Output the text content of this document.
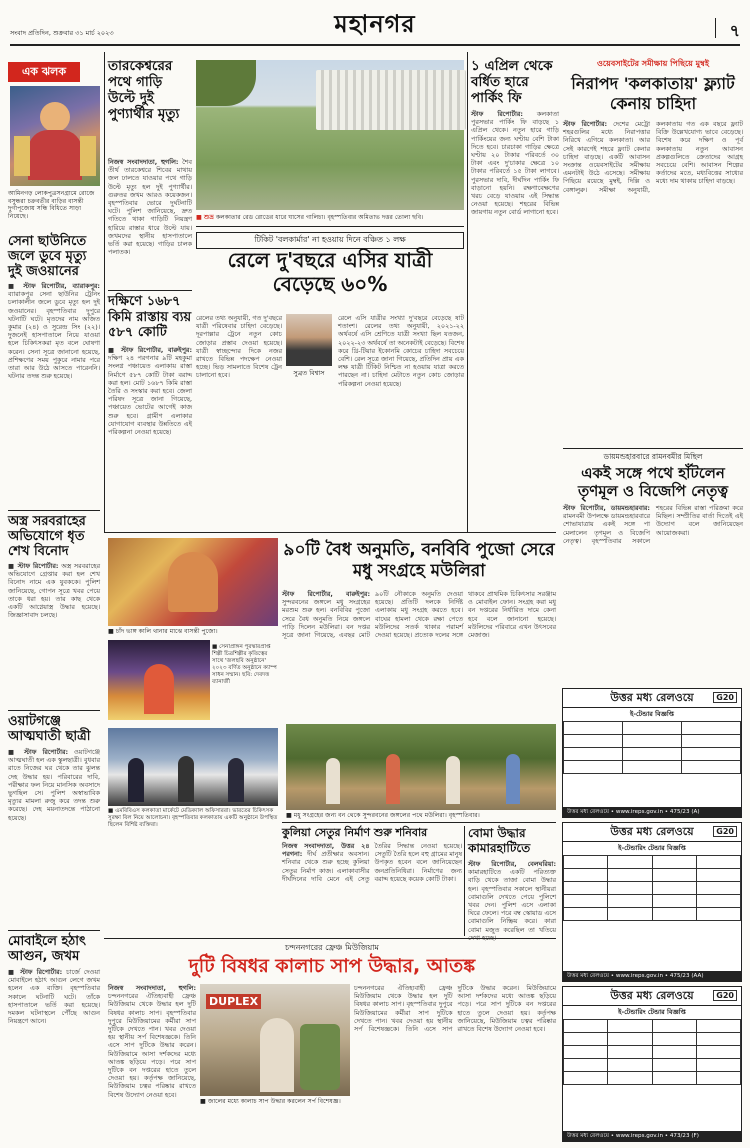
সংবাদ প্রতিদিন, শুক্রবার ৩১ মার্চ ২০২৩	মহানগর	৭
এক ঝলক
আমিনগড় লোকপুত্রসনগ্রামে রোজে বসুন্ধরা চক্রবর্তীর বাড়ির বাসন্তী দুর্গাপূজোয় সন্ধি বিধিতে সাড়া নিয়েছে।
সেনা ছাউনিতে জলে ডুবে মৃত্যু দুই জওয়ানের
■ স্টাফ রিপোর্টার, ব্যারাকপুর: ব্যারাকপুর সেনা ছাউনির ট্রেনিং চলাকালীন জলে ডুবে মৃত্যু হল দুই জওয়ানের। বৃহস্পতিবার দুপুরে ঘটনাটি ঘটে। মৃতদের নাম অজিত কুমার (২৪) ও সুরেন্দ্র সিং (২২)। দুজনেই হাসপাতালে নিয়ে যাওয়া হলে চিকিৎসকরা মৃত বলে ঘোষণা করেন। সেনা সূত্রে জানানো হয়েছে, প্রশিক্ষণের সময় পুকুরে নামার পরে তারা আর উঠে আসতে পারেননি। ঘটনার তদন্ত শুরু হয়েছে।
অস্ত্র সরবরাহের অভিযোগে ধৃত শেখ বিনোদ
■ স্টাফ রিপোর্টার: অস্ত্র সরবরাহের অভিযোগে গ্রেপ্তার করা হল শেখ বিনোদ নামে এক যুবককে। পুলিশ জানিয়েছে, গোপন সূত্রে খবর পেয়ে তাকে ধরা হয়। তার কাছ থেকে একটি আগ্নেয়াস্ত্র উদ্ধার হয়েছে। জিজ্ঞাসাবাদ চলছে।
ওয়াটগঞ্জে আত্মঘাতী ছাত্রী
■ স্টাফ রিপোর্টার: ওয়াটগঞ্জে আত্মঘাতী হল এক স্কুলছাত্রী। বুধবার রাতে নিজের ঘর থেকে তার ঝুলন্ত দেহ উদ্ধার হয়। পরিবারের দাবি, পরীক্ষার ফল নিয়ে মানসিক অবসাদে ভুগছিল সে। পুলিশ অস্বাভাবিক মৃত্যুর মামলা রুজু করে তদন্ত শুরু করেছে। দেহ ময়নাতদন্তে পাঠানো হয়েছে।
মোবাইলে হঠাৎ আগুন, জখম
■ স্টাফ রিপোর্টার: চার্জে দেওয়া মোবাইলে হঠাৎ আগুন লেগে জখম হলেন এক ব্যক্তি। বৃহস্পতিবার সকালে ঘটনাটি ঘটে। তাঁকে হাসপাতালে ভর্তি করা হয়েছে। দমকল ঘটনাস্থলে পৌঁছে আগুন নিয়ন্ত্রণে আনে।
তারকেশ্বরের পথে গাড়ি উল্টে দুই পুণ্যার্থীর মৃত্যু
নিজস্ব সংবাদদাতা, হুগলি: শৈব তীর্থ তারকেশ্বরে শিবের মাথায় জল ঢালতে যাওয়ার পথে গাড়ি উল্টে মৃত্যু হল দুই পুণ্যার্থীর। গুরুতর জখম আরও কয়েকজন। বৃহস্পতিবার ভোরে দুর্ঘটনাটি ঘটে। পুলিশ জানিয়েছে, দ্রুত গতিতে থাকা গাড়িটি নিয়ন্ত্রণ হারিয়ে রাস্তার ধারে উল্টে যায়। জখমদের স্থানীয় হাসপাতালে ভর্তি করা হয়েছে। গাড়ির চালক পলাতক।
দক্ষিণে ১৬৮৭ কিমি রাস্তায় ব্যয় ৫৮৭ কোটি
■ স্টাফ রিপোর্টার, বারুইপুর: দক্ষিণ ২৪ পরগনার ৯টি মহকুমা সংলগ্ন পঞ্চায়েত এলাকায় রাস্তা নির্মাণে ৫৮৭ কোটি টাকা বরাদ্দ করা হল। মোট ১৬৮৭ কিমি রাস্তা তৈরি ও সংস্কার করা হবে। জেলা পরিষদ সূত্রে জানা গিয়েছে, পঞ্চায়েত ভোটের আগেই কাজ শুরু হবে। গ্রামীণ এলাকার যোগাযোগ ব্যবস্থার উন্নতিতে এই পরিকল্পনা নেওয়া হয়েছে।
■ শুভ্র কলকাতার রেড রোডের ধারে ঘাসের গালিচা। বৃহস্পতিবার অমিতাভ দত্তর তোলা ছবি।
টিকিট 'বলকার্মার' না হওয়ায় দিনে বঞ্চিত ১ লক্ষ
রেলে দু'বছরে এসির যাত্রী বেড়েছে ৬০%
সুব্রত বিশ্বাস
রেলে এসি যাত্রীর সংখ্যা দু'বছরে বেড়েছে ষাট শতাংশ। রেলের তথ্য অনুযায়ী, ২০২১-২২ অর্থবর্ষে এসি শ্রেণিতে যাত্রী সংখ্যা ছিল যতজন, ২০২২-২৩ অর্থবর্ষে তা অনেকটাই বেড়েছে। বিশেষ করে থ্রি-টিয়ার ইকোনমি কোচের চাহিদা সবচেয়ে বেশি। রেল সূত্রে জানা গিয়েছে, প্রতিদিন প্রায় এক লক্ষ যাত্রী টিকিট নিশ্চিত না হওয়ায় যাত্রা করতে পারছেন না। চাহিদা মেটাতে নতুন কোচ জোড়ার পরিকল্পনা নেওয়া হয়েছে।
রেলের তথ্য অনুযায়ী, গত দু'বছরে যাত্রী পরিষেবার চাহিদা বেড়েছে। দূরপাল্লার ট্রেনে নতুন কোচ জোড়ার প্রস্তাব দেওয়া হয়েছে। যাত্রী স্বাচ্ছন্দ্যের দিকে নজর রাখতে বিভিন্ন পদক্ষেপ নেওয়া হচ্ছে। ভিড় সামলাতে বিশেষ ট্রেন চালানো হবে।
১ এপ্রিল থেকে বর্ধিত হারে পার্কিং ফি
স্টাফ রিপোর্টার: কলকাতা পুরসভার পার্কিং ফি বাড়ছে ১ এপ্রিল থেকে। নতুন হারে গাড়ি পার্কিংয়ের জন্য ঘণ্টায় বেশি টাকা দিতে হবে। চারচাকা গাড়ির ক্ষেত্রে ঘণ্টায় ২০ টাকার পরিবর্তে ৩০ টাকা এবং দু'চাকার ক্ষেত্রে ১০ টাকার পরিবর্তে ১৫ টাকা লাগবে। পুরসভার দাবি, দীর্ঘদিন পার্কিং ফি বাড়ানো হয়নি। রক্ষণাবেক্ষণের খরচ বেড়ে যাওয়ায় এই সিদ্ধান্ত নেওয়া হয়েছে। শহরের বিভিন্ন জায়গায় নতুন বোর্ড লাগানো হবে।
ওয়েবসাইটের সমীক্ষায় পিছিয়ে মুম্বই
নিরাপদ 'কলকাতায়' ফ্ল্যাট কেনায় চাহিদা
স্টাফ রিপোর্টার: দেশের মেট্রো শহরগুলির মধ্যে নিরাপত্তার নিরিখে এগিয়ে কলকাতা। আর সেই কারণেই শহরে ফ্ল্যাট কেনার চাহিদা বাড়ছে। একটি আবাসন সংক্রান্ত ওয়েবসাইটের সমীক্ষায় এমনটাই উঠে এসেছে। সমীক্ষায় পিছিয়ে রয়েছে মুম্বই, দিল্লি ও বেঙ্গালুরু। সমীক্ষা অনুযায়ী, কলকাতায় গত এক বছরে ফ্ল্যাট বিক্রি উল্লেখযোগ্য ভাবে বেড়েছে। বিশেষ করে দক্ষিণ ও পূর্ব কলকাতায় নতুন আবাসন প্রকল্পগুলিতে ক্রেতাদের আগ্রহ সবচেয়ে বেশি। আবাসন শিল্পের কর্তাদের মতে, মধ্যবিত্তের সাধ্যের মধ্যে দাম থাকায় চাহিদা বাড়ছে।
ডায়মন্ডহারবারে রামনবমীর মিছিল
একই সঙ্গে পথে হাঁটলেন তৃণমূল ও বিজেপি নেতৃত্ব
স্টাফ রিপোর্টার, ডায়মন্ডহারবার: রামনবমী উপলক্ষে ডায়মন্ডহারবারে শোভাযাত্রায় একই সঙ্গে পা মেলালেন তৃণমূল ও বিজেপি নেতৃত্ব। বৃহস্পতিবার সকালে শহরের বিভিন্ন রাস্তা পরিক্রমা করে মিছিল। সম্প্রীতির বার্তা দিতেই এই উদ্যোগ বলে জানিয়েছেন আয়োজকরা।
■ চাঁদ ভাঙ্গ কালি থানার মাঝে বাসন্তী পুজো।
৯০টি বৈধ অনুমতি, বনবিবি পুজো সেরে মধু সংগ্রহে মউলিরা
স্টাফ রিপোর্টার, বারুইপুর: সুন্দরবনের জঙ্গলে মধু সংগ্রহের মরশুম শুরু হল। বনবিবির পুজো সেরে বৈধ অনুমতি নিয়ে জঙ্গলে পাড়ি দিলেন মউলিরা। বন দপ্তর সূত্রে জানা গিয়েছে, এবছর মোট ৯০টি নৌকাকে অনুমতি দেওয়া হয়েছে। প্রতিটি দলকে নির্দিষ্ট এলাকায় মধু সংগ্রহ করতে হবে। বাঘের হামলা থেকে রক্ষা পেতে মউলিদের সতর্ক থাকার পরামর্শ দেওয়া হয়েছে। প্রত্যেক দলের সঙ্গে থাকবে প্রাথমিক চিকিৎসার সরঞ্জাম ও মোবাইল ফোন। সংগ্রহ করা মধু বন দপ্তরের নির্ধারিত দামে কেনা হবে বলে জানানো হয়েছে। মউলিদের পরিবারে এখন উৎসবের মেজাজ।
■ সেনাপ্রাঙ্গন পুরস্কারপ্রাপ্ত শিল্পী চিত্রশিল্পীর কৃতিত্বের সাথে 'জলছবি অনুষ্ঠানে' ২০২৩ বর্ণিত অনুষ্ঠানে ক্যাম্প সাধন সম্মান। ছবি: দেবদত্ত ব্যানার্জী
■ এমবিবিএস কলকাতা মার্কেটে মেডিক্যাল অফিসাররা। ভারতের চিকিৎসক সুরক্ষা বিল নিয়ে আলোচনা। বৃহস্পতিবার কলকাতায় একটি অনুষ্ঠানে উপস্থিত ছিলেন বিশিষ্ট ব্যক্তিরা।
■ মধু সংগ্রহের জন্য বন থেকে সুন্দরবনের জঙ্গলের পথে মউলিরা। বৃহস্পতিবার।
কুলিয়া সেতুর নির্মাণ শুরু শনিবার
নিজস্ব সংবাদদাতা, উত্তর ২৪ পরগনা: দীর্ঘ প্রতীক্ষার অবসান। শনিবার থেকে শুরু হচ্ছে কুলিয়া সেতুর নির্মাণ কাজ। এলাকাবাসীর দীর্ঘদিনের দাবি মেনে এই সেতু তৈরির সিদ্ধান্ত নেওয়া হয়েছে। সেতুটি তৈরি হলে বহু গ্রামের মানুষ উপকৃত হবেন বলে জানিয়েছেন জনপ্রতিনিধিরা। নির্মাণের জন্য বরাদ্দ হয়েছে কয়েক কোটি টাকা।
বোমা উদ্ধার কামারহাটিতে
স্টাফ রিপোর্টার, বেলঘরিয়া: কামারহাটিতে একটি পরিত্যক্ত বাড়ি থেকে তাজা বোমা উদ্ধার হল। বৃহস্পতিবার সকালে স্থানীয়রা বোমাগুলি দেখতে পেয়ে পুলিশে খবর দেন। পুলিশ এসে এলাকা ঘিরে ফেলে। পরে বম্ব স্কোয়াড এসে বোমাগুলি নিষ্ক্রিয় করে। কারা বোমা মজুত করেছিল তা খতিয়ে
চন্দননগরের ফ্রেঞ্চ মিউজিয়াম
দুটি বিষধর কালাচ সাপ উদ্ধার, আতঙ্ক
নিজস্ব সংবাদদাতা, হুগলি: চন্দননগরের ঐতিহ্যবাহী ফ্রেঞ্চ মিউজিয়াম থেকে উদ্ধার হল দুটি বিষধর কালাচ সাপ। বৃহস্পতিবার দুপুরে মিউজিয়ামের কর্মীরা সাপ দুটিকে দেখতে পান। খবর দেওয়া হয় স্থানীয় সর্প বিশেষজ্ঞকে। তিনি এসে সাপ দুটিকে উদ্ধার করেন। মিউজিয়ামে আসা দর্শকদের মধ্যে আতঙ্ক ছড়িয়ে পড়ে। পরে সাপ দুটিকে বন দপ্তরের হাতে তুলে দেওয়া হয়। কর্তৃপক্ষ জানিয়েছে, মিউজিয়াম চত্বর পরিষ্কার রাখতে বিশেষ উদ্যোগ নেওয়া হবে।
DUPLEX
■ জালের মধ্যে কালাচ সাপ উদ্ধার করলেন সর্প বিশেষজ্ঞ।
চন্দননগরের ঐতিহ্যবাহী ফ্রেঞ্চ মিউজিয়াম থেকে উদ্ধার হল দুটি বিষধর কালাচ সাপ। বৃহস্পতিবার দুপুরে মিউজিয়ামের কর্মীরা সাপ দুটিকে দেখতে পান। খবর দেওয়া হয় স্থানীয় সর্প বিশেষজ্ঞকে। তিনি এসে সাপ দুটিকে উদ্ধার করেন। মিউজিয়ামে আসা দর্শকদের মধ্যে আতঙ্ক ছড়িয়ে পড়ে। পরে সাপ দুটিকে বন দপ্তরের হাতে তুলে দেওয়া হয়। কর্তৃপক্ষ জানিয়েছে, মিউজিয়াম চত্বর পরিষ্কার রাখতে বিশেষ উদ্যোগ নেওয়া হবে।
উত্তর মধ্য রেলওয়ে	G20
ই-টেন্ডার বিজ্ঞপ্তি

উত্তর মধ্য রেলওয়ে • www.ireps.gov.in • 475/23 (A)
উত্তর মধ্য রেলওয়ে	G20
ই-টেন্ডারিং টেন্ডার বিজ্ঞপ্তি

উত্তর মধ্য রেলওয়ে • www.ireps.gov.in • 475/23 (AA)
উত্তর মধ্য রেলওয়ে	G20
ই-টেন্ডারিং টেন্ডার বিজ্ঞপ্তি

উত্তর মধ্য রেলওয়ে • www.ireps.gov.in • 473/23 (F)
